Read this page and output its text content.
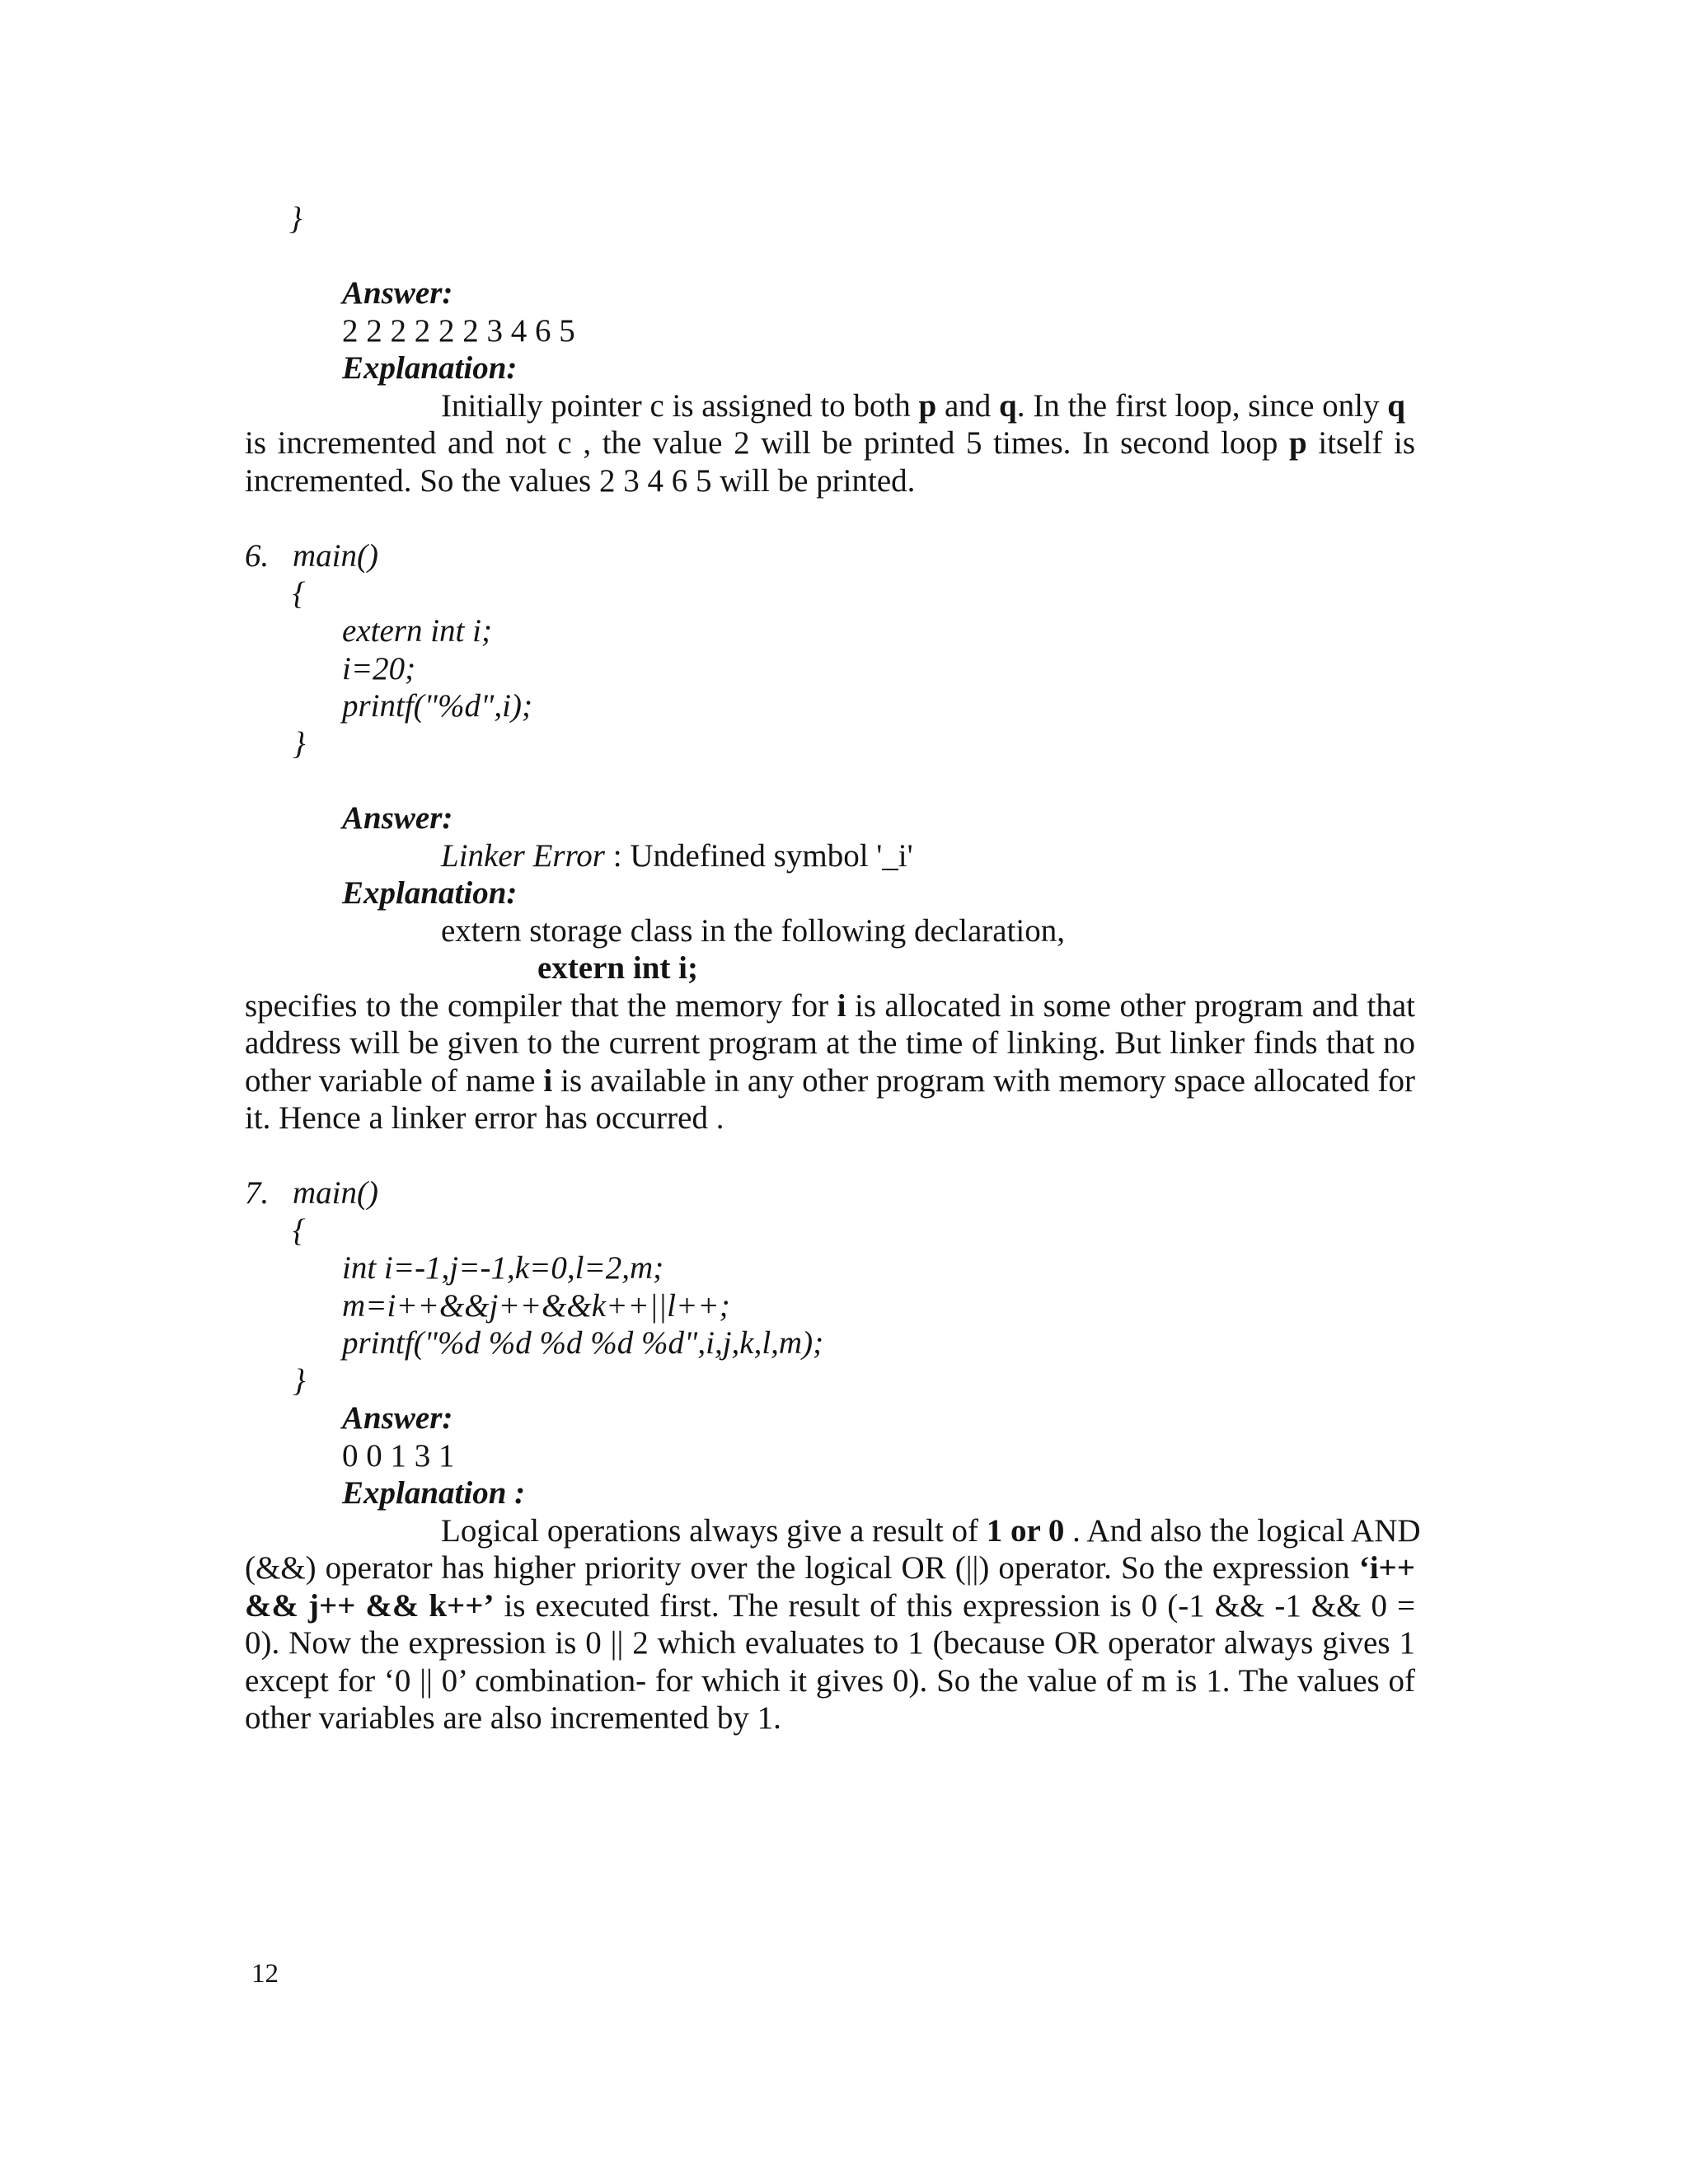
}
Answer:
2 2 2 2 2 2 3 4 6 5
Explanation:
Initially pointer c is assigned to both p and q. In the first loop, since only q
is incremented and not c , the value 2 will be printed 5 times. In second loop p itself is
incremented. So the values 2 3 4 6 5 will be printed.
6. main()
{
extern int i;
i=20;
printf("%d",i);
}
Answer:
Linker Error : Undefined symbol '_i'
Explanation:
extern storage class in the following declaration,
extern int i;
specifies to the compiler that the memory for i is allocated in some other program and that
address will be given to the current program at the time of linking. But linker finds that no
other variable of name i is available in any other program with memory space allocated for
it. Hence a linker error has occurred .
7. main()
{
int i=-1,j=-1,k=0,l=2,m;
m=i++&&j++&&k++||l++;
printf("%d %d %d %d %d",i,j,k,l,m);
}
Answer:
0 0 1 3 1
Explanation :
Logical operations always give a result of 1 or 0 . And also the logical AND
(&&) operator has higher priority over the logical OR (||) operator. So the expression ‘i++
&& j++ && k++’ is executed first. The result of this expression is 0 (-1 && -1 && 0 =
0). Now the expression is 0 || 2 which evaluates to 1 (because OR operator always gives 1
except for ‘0 || 0’ combination- for which it gives 0). So the value of m is 1. The values of
other variables are also incremented by 1.
12
